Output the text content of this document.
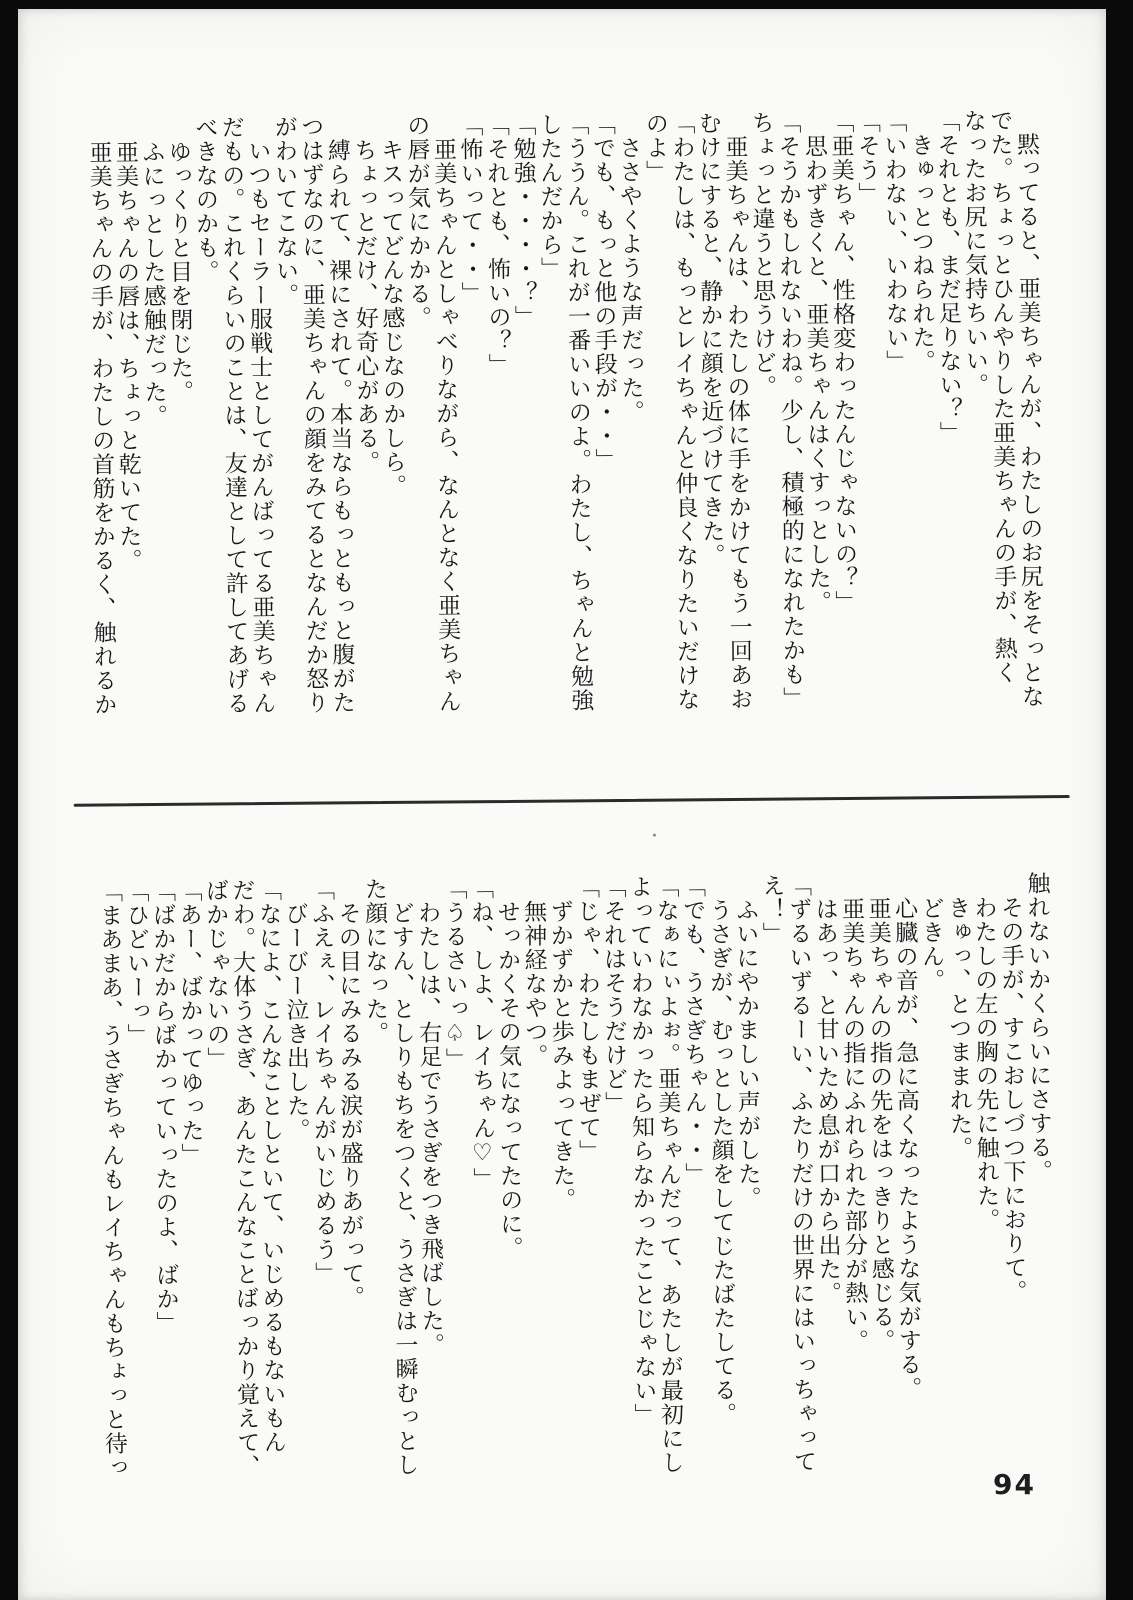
　黙ってると、亜美ちゃんが、わたしのお尻をそっとな
でた。ちょっとひんやりした亜美ちゃんの手が、熱く
なったお尻に気持ちいい。
「それとも、まだ足りない？」
　きゅっとつねられた。
「いわない、いわない」
「そう」
「亜美ちゃん、性格変わったんじゃないの？」
　思わずきくと、亜美ちゃんはくすっとした。
「そうかもしれないわね。少し、積極的になれたかも」
ちょっと違うと思うけど。
　亜美ちゃんは、わたしの体に手をかけてもう一回あお
むけにすると、静かに顔を近づけてきた。
「わたしは、もっとレイちゃんと仲良くなりたいだけな
のよ」
　ささやくような声だった。
「でも、もっと他の手段が・・」
「ううん。これが一番いいのよ。わたし、ちゃんと勉強
したんだから」
「勉強・・・・？」
「それとも、怖いの？」
「怖いって・・」
　亜美ちゃんとしゃべりながら、なんとなく亜美ちゃん
の唇が気にかかる。
　キスってどんな感じなのかしら。
　ちょっとだけ、好奇心がある。
　縛られて、裸にされて。本当ならもっともっと腹がた
つはずなのに、亜美ちゃんの顔をみてるとなんだか怒り
がわいてこない。
　いつもセーラー服戦士としてがんばってる亜美ちゃん
だもの。これくらいのことは、友達として許してあげる
べきなのかも。
　ゆっくりと目を閉じた。
　ふにっとした感触だった。
　亜美ちゃんの唇は、ちょっと乾いてた。
　亜美ちゃんの手が、わたしの首筋をかるく、触れるか
触れないかくらいにさする。
　その手が、すこおしづつ下におりて。
　わたしの左の胸の先に触れた。
　きゅっ、とつままれた。
　どきん。
　心臓の音が、急に高くなったような気がする。
　亜美ちゃんの指の先をはっきりと感じる。
　亜美ちゃんの指にふれられた部分が熱い。
　はあっ、と甘いため息が口から出た。
「ずるいずるーい、ふたりだけの世界にはいっちゃって
え！」
　ふいにやかましい声がした。
　うさぎが、むっとした顔をしてじたばたしてる。
「でも、うさぎちゃん・・」
「なぁにぃよぉ。亜美ちゃんだって、あたしが最初にし
よっていわなかったら知らなかったことじゃない」
「それはそうだけど」
「じゃ、わたしもまぜて」
　ずかずかと歩みよってきた。
　無神経なやつ。
　せっかくその気になってたのに。
「ね、しよ、レイちゃん♡」
「うるさいっ♤」
　わたしは、右足でうさぎをつき飛ばした。
　どすん、としりもちをつくと、うさぎは一瞬むっとし
た顔になった。
　その目にみるみる涙が盛りあがって。
「ふえぇ、レイちゃんがいじめるう」
　びーびー泣き出した。
「なによ、こんなことしといて、いじめるもないもん
だわ。大体うさぎ、あんたこんなことばっかり覚えて、
ばかじゃないの」
「あー、ばかってゆった」
「ばかだからばかっていったのよ、ばか」
「ひどいーっ」
「まあまあ、うさぎちゃんもレイちゃんもちょっと待っ
94
